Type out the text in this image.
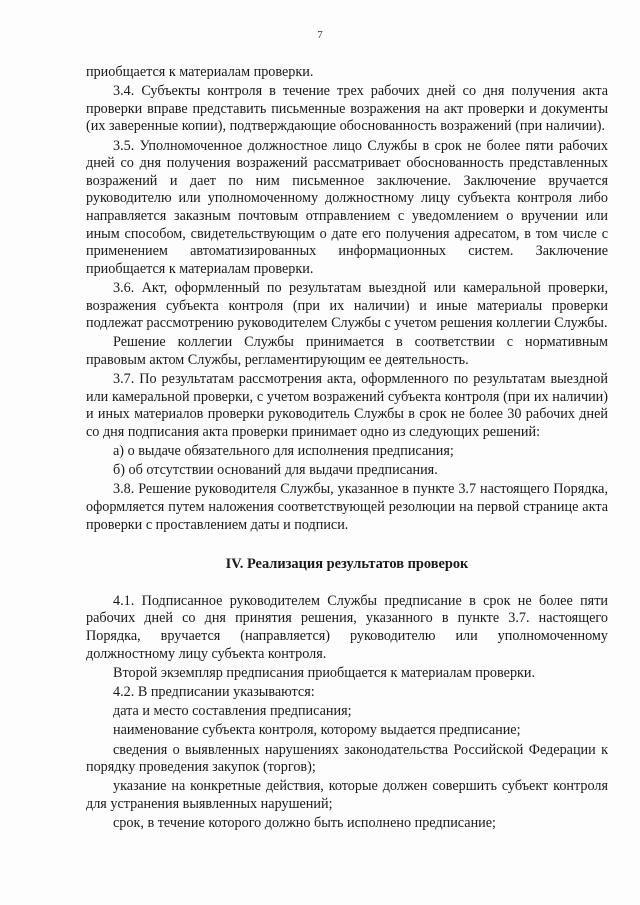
7

приобщается к материалам проверки.

3.4. Субъекты контроля в течение трех рабочих дней со дня получения акта проверки вправе представить письменные возражения на акт проверки и документы (их заверенные копии), подтверждающие обоснованность возражений (при наличии).

3.5. Уполномоченное должностное лицо Службы в срок не более пяти рабочих дней со дня получения возражений рассматривает обоснованность представленных возражений и дает по ним письменное заключение. Заключение вручается руководителю или уполномоченному должностному лицу субъекта контроля либо направляется заказным почтовым отправлением с уведомлением о вручении или иным способом, свидетельствующим о дате его получения адресатом, в том числе с применением автоматизированных информационных систем. Заключение приобщается к материалам проверки.

3.6. Акт, оформленный по результатам выездной или камеральной проверки, возражения субъекта контроля (при их наличии) и иные материалы проверки подлежат рассмотрению руководителем Службы с учетом решения коллегии Службы.

Решение коллегии Службы принимается в соответствии с нормативным правовым актом Службы, регламентирующим ее деятельность.

3.7. По результатам рассмотрения акта, оформленного по результатам выездной или камеральной проверки, с учетом возражений субъекта контроля (при их наличии) и иных материалов проверки руководитель Службы в срок не более 30 рабочих дней со дня подписания акта проверки принимает одно из следующих решений:

а) о выдаче обязательного для исполнения предписания;

б) об отсутствии оснований для выдачи предписания.

3.8. Решение руководителя Службы, указанное в пункте 3.7 настоящего Порядка, оформляется путем наложения соответствующей резолюции на первой странице акта проверки с проставлением даты и подписи.

IV. Реализация результатов проверок

4.1. Подписанное руководителем Службы предписание в срок не более пяти рабочих дней со дня принятия решения, указанного в пункте 3.7. настоящего Порядка, вручается (направляется) руководителю или уполномоченному должностному лицу субъекта контроля.

Второй экземпляр предписания приобщается к материалам проверки.

4.2. В предписании указываются:

дата и место составления предписания;

наименование субъекта контроля, которому выдается предписание;

сведения о выявленных нарушениях законодательства Российской Федерации к порядку проведения закупок (торгов);

указание на конкретные действия, которые должен совершить субъект контроля для устранения выявленных нарушений;

срок, в течение которого должно быть исполнено предписание;
